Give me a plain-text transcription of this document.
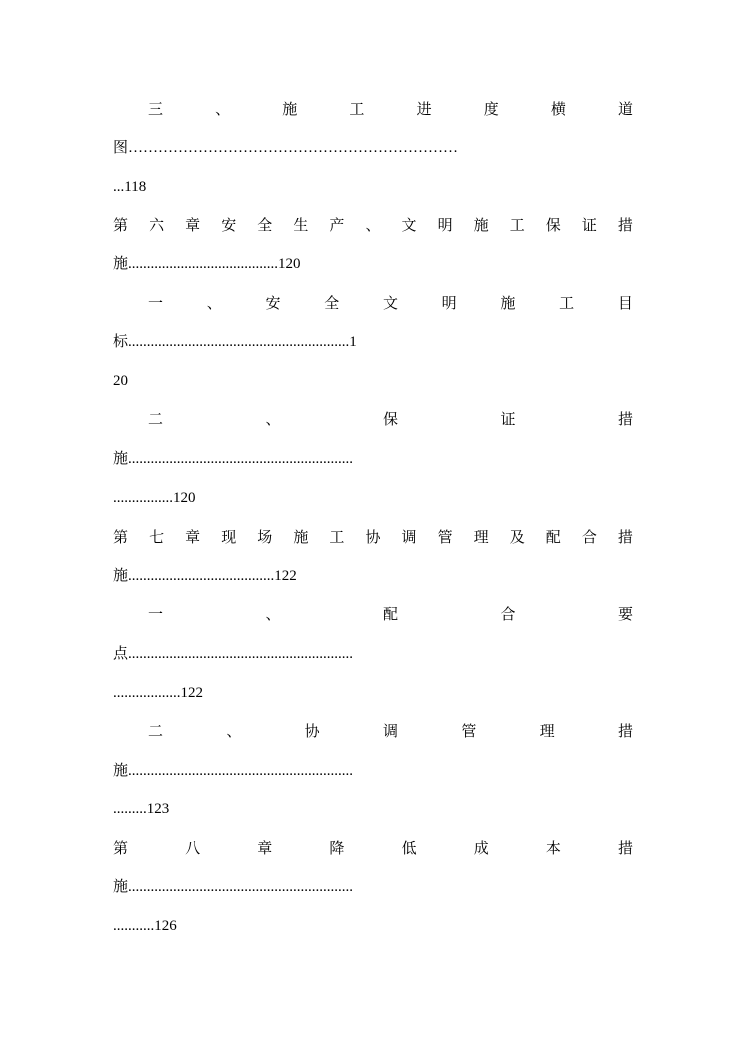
三	、	施	工	进	度	横	道
图…………………………………………………………
...118
第 六 章 安 全 生 产 、 文 明 施 工 保 证 措
施........................................120
一	、	安	全	文	明	施	工	目
标...........................................................1
20
二	、	保	证	措
施............................................................
................120
第 七 章 现 场 施 工 协 调 管 理 及 配 合 措
施.......................................122
一	、	配	合	要
点............................................................
..................122
二	、	协	调	管	理	措
施............................................................
.........123
第	八	章	降	低	成	本	措
施............................................................
...........126
